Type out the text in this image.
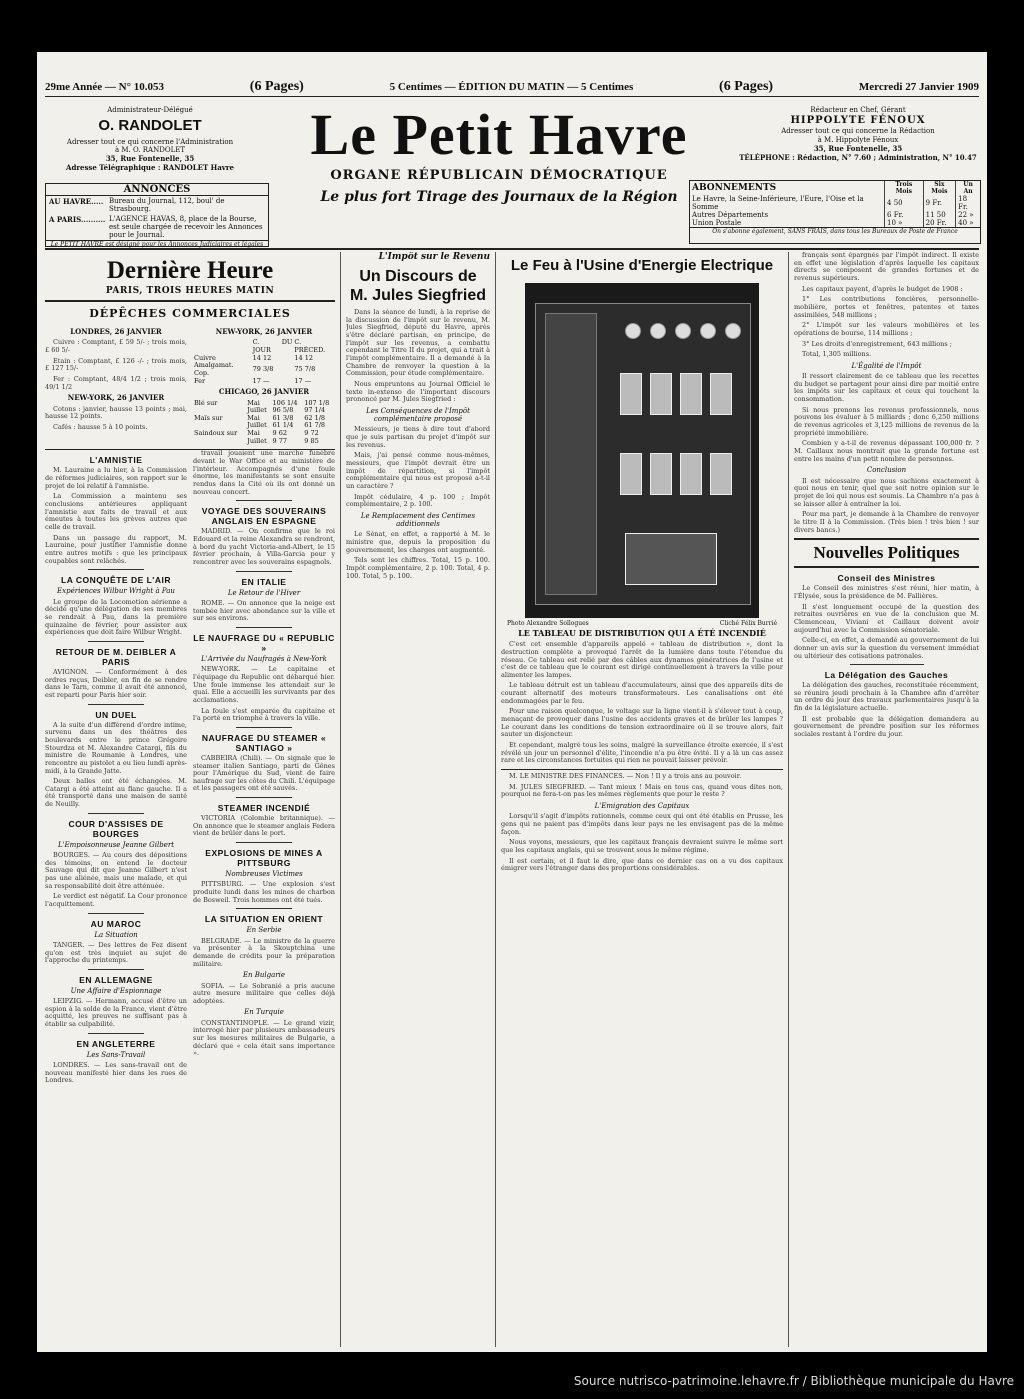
29me Année — N° 10.053	(6 Pages)	5 Centimes — ÉDITION DU MATIN — 5 Centimes	(6 Pages)	Mercredi 27 Janvier 1909
Administrateur-Délégué
O. RANDOLET
Adresser tout ce qui concerne l'Administration
à M. O. RANDOLET
35, Rue Fontenelle, 35
Adresse Télégraphique : RANDOLET Havre
ANNONCES
AU HAVRE..... Bureau du Journal, 112, boul' de Strasbourg.
A PARIS.......... L'AGENCE HAVAS, 8, place de la Bourse, est seule chargée de recevoir les Annonces pour le Journal.
Le PETIT HAVRE est désigné pour les Annonces Judiciaires et légales
Le Petit Havre
ORGANE RÉPUBLICAIN DÉMOCRATIQUE
Le plus fort Tirage des Journaux de la Région
Rédacteur en Chef, Gérant
HIPPOLYTE FÉNOUX
Adresser tout ce qui concerne la Rédaction
à M. Hippolyte Fénoux
35, Rue Fontenelle, 35
TÉLÉPHONE : Rédaction, N° 7.60 ; Administration, N° 10.47
ABONNEMENTS	Trois Mois	Six Mois	Un An
Le Havre, la Seine-Inférieure, l'Eure, l'Oise et la Somme	4 50	9 Fr.	18 Fr.
Autres Départements	6 Fr.	11 50	22 »
Union Postale	10 »	20 Fr.	40 »
On s'abonne également, SANS FRAIS, dans tous les Bureaux de Poste de France
Dernière Heure
PARIS, TROIS HEURES MATIN
DÉPÊCHES COMMERCIALES
LONDRES, 26 JANVIER

Cuivre : Comptant, £ 59 5/- ; trois mois, £ 60 5/-

Etain : Comptant, £ 126 -/- ; trois mois, £ 127 15/-

Fer : Comptant, 48/4 1/2 ; trois mois, 49/1 1/2

NEW-YORK, 26 JANVIER

Cotons : janvier, hausse 13 points ; mai, hausse 12 points.

Cafés : hausse 5 à 10 points.

NEW-YORK, 26 JANVIER
	C. DU JOUR	C. PRÉCED.
Cuivre	14 12	14 12
Amalgamat. Cop.	79 3/8	75 7/8
Fer	17 —	17 —
CHICAGO, 26 JANVIER
Blé sur	Mai	106 1/4	107 1/8
	Juillet	96 5/8	97 1/4
Maïs sur	Mai	61 3/8	62 1/8
	Juillet	61 1/4	61 7/8
Saindoux sur	Mai	9 62	9 72
	Juillet	9 77	9 85
L'AMNISTIE

M. Lauraine a lu hier, à la Commission de réformes judiciaires, son rapport sur le projet de loi relatif à l'amnistie.

La Commission a maintenu ses conclusions antérieures appliquant l'amnistie aux faits de travail et aux émeutes à toutes les grèves autres que celle de travail.

Dans un passage du rapport, M. Lauraine, pour justifier l'amnistie donne entre autres motifs : que les principaux coupables sont relâchés.

LA CONQUÊTE DE L'AIR
Expériences Wilbur Wright à Pau

Le groupe de la Locomotion aérienne a décidé qu'une délégation de ses membres se rendrait à Pau, dans la première quinzaine de février, pour assister aux expériences que doit faire Wilbur Wright.

RETOUR DE M. DEIBLER A PARIS

AVIGNON. — Conformément à des ordres reçus, Deibler, en fin de se rendre dans le Tarn, comme il avait été annoncé, est reparti pour Paris hier soir.

UN DUEL

A la suite d'un différend d'ordre intime, survenu dans un des théâtres des boulevards entre le prince Grégoire Stourdza et M. Alexandre Catargi, fils du ministre de Roumanie à Londres, une rencontre au pistolet a eu lieu lundi après-midi, à la Grande Jatte.

Deux balles ont été échangées. M. Catargi a été atteint au flanc gauche. Il a été transporté dans une maison de santé de Neuilly.

COUR D'ASSISES DE BOURGES
L'Empoisonneuse Jeanne Gilbert

BOURGES. — Au cours des dépositions des témoins, on entend le docteur Sauvage qui dit que Jeanne Gilbert n'est pas une aliénée, mais une malade, et qui sa responsabilité doit être atténuée.

Le verdict est négatif. La Cour prononce l'acquittement.

AU MAROC
La Situation

TANGER. — Des lettres de Fez disent qu'on est très inquiet au sujet de l'approche du printemps.

EN ALLEMAGNE
Une Affaire d'Espionnage

LEIPZIG. — Hermann, accusé d'être un espion à la solde de la France, vient d'être acquitté, les preuves ne suffisant pas à établir sa culpabilité.

EN ANGLETERRE
Les Sans-Travail

LONDRES. — Les sans-travail ont de nouveau manifesté hier dans les rues de Londres.

travail jouaient une marche funèbre devant le War Office et au ministère de l'intérieur. Accompagnés d'une foule énorme, les manifestants se sont ensuite rendus dans la Cité où ils ont donné un nouveau concert.

VOYAGE DES SOUVERAINS ANGLAIS EN ESPAGNE

MADRID. — On confirme que le roi Edouard et la reine Alexandra se rendront, à bord du yacht Victoria-and-Albert, le 15 février prochain, à Villa-Garcia pour y rencontrer avec les souverains espagnols.

EN ITALIE
Le Retour de l'Hiver

ROME. — On annonce que la neige est tombée hier avec abondance sur la ville et sur ses environs.

LE NAUFRAGE DU « REPUBLIC »
L'Arrivée du Naufragés à New-York

NEW-YORK. — Le capitaine et l'équipage du Republic ont débarqué hier. Une foule immense les attendait sur le quai. Elle a accueilli les survivants par des acclamations.

La foule s'est emparée du capitaine et l'a porté en triomphe à travers la ville.

NAUFRAGE DU STEAMER « SANTIAGO »

CABBEIRA (Chili). — On signale que le steamer italien Santiago, parti de Gênes pour l'Amérique du Sud, vient de faire naufrage sur les côtes du Chili. L'équipage et les passagers ont été sauvés.

STEAMER INCENDIÉ

VICTORIA (Colombie britannique). — On annonce que le steamer anglais Federa vient de brûler dans le port.

EXPLOSIONS DE MINES A PITTSBURG
Nombreuses Victimes

PITTSBURG. — Une explosion s'est produite lundi dans les mines de charbon de Bosweil. Trois hommes ont été tués.

LA SITUATION EN ORIENT
En Serbie

BELGRADE. — Le ministre de la guerre va présenter à la Skouptchina une demande de crédits pour la préparation militaire.

En Bulgarie

SOFIA. — Le Sobranié a pris aucune autre mesure militaire que celles déjà adoptées.

En Turquie

CONSTANTINOPLE. — Le grand vizir, interrogé hier par plusieurs ambassadeurs sur les mesures militaires de Bulgarie, a déclaré que « cela était sans importance ».

L'Impôt sur le Revenu
Un Discours de
M. Jules Siegfried

Dans la séance de lundi, à la reprise de la discussion de l'impôt sur le revenu, M. Jules Siegfried, député du Havre, après s'être déclaré partisan, en principe, de l'impôt sur les revenus, a combattu cependant le Titre II du projet, qui a trait à l'impôt complémentaire. Il a demandé à la Chambre de renvoyer la question à la Commission, pour étude complémentaire.

Nous empruntons au Journal Officiel le texte in-extenso de l'important discours prononcé par M. Jules Siegfried :

Les Conséquences de l'Impôt complémentaire proposé

Messieurs, je tiens à dire tout d'abord que je suis partisan du projet d'impôt sur les revenus.

Mais, j'ai pensé comme nous-mêmes, messieurs, que l'impôt devrait être un impôt de répartition, si l'impôt complémentaire qui nous est proposé a-t-il un caractère ?

Impôt cédulaire, 4 p. 100 ; Impôt complémentaire, 2 p. 100.

Le Remplacement des Centimes additionnels

Le Sénat, en effet, a rapporté à M. le ministre que, depuis la proposition du gouvernement, les charges ont augmenté.

Tels sont les chiffres. Total, 15 p. 100. Impôt complémentaire, 2 p. 100. Total, 4 p. 100. Total, 5 p. 100.

Le Feu à l'Usine d'Energie Electrique
Photo Alexandre Sollogues	Cliché Félix Burrié
LE TABLEAU DE DISTRIBUTION QUI A ÉTÉ INCENDIÉ

C'est cet ensemble d'appareils appelé « tableau de distribution », dont la destruction complète a provoqué l'arrêt de la lumière dans toute l'étendue du réseau. Ce tableau est relié par des câbles aux dynamos génératrices de l'usine et c'est de ce tableau que le courant est dirigé continuellement à travers la ville pour alimenter les lampes.

Le tableau détruit est un tableau d'accumulateurs, ainsi que des appareils dits de courant alternatif des moteurs transformateurs. Les canalisations ont été endommagées par le feu.

Pour une raison quelconque, le voltage sur la ligne vient-il à s'élever tout à coup, menaçant de provoquer dans l'usine des accidents graves et de brûler les lampes ? Le courant dans les conditions de tension extraordinaire où il se trouve alors, fait sauter un disjoncteur.

Et cependant, malgré tous les soins, malgré la surveillance étroite exercée, il s'est révélé un jour un personnel d'élite, l'incendie n'a pu être évité. Il y a là un cas assez rare et les circonstances fortuites qui rien ne pouvait laisser prévoir.

M. LE MINISTRE DES FINANCES. — Non ! Il y a trois ans au pouvoir.

M. JULES SIEGFRIED. — Tant mieux ! Mais en tous cas, quand vous dites non, pourquoi ne fera-t-on pas les mêmes règlements que pour le reste ?

L'Emigration des Capitaux

Lorsqu'il s'agit d'impôts rationnels, comme ceux qui ont été établis en Prusse, les gens qui ne paient pas d'impôts dans leur pays ne les envisagent pas de la même façon.

Nous voyons, messieurs, que les capitaux français devraient suivre le même sort que les capitaux anglais, qui se trouvent sous le même régime.

Il est certain, et il faut le dire, que dans ce dernier cas on a vu des capitaux émigrer vers l'étranger dans des proportions considérables.

français sont épargnés par l'impôt indirect. Il existe en effet une législation d'après laquelle les capitaux directs se composent de grandes fortunes et de revenus supérieurs.

Les capitaux payent, d'après le budget de 1908 :

1° Les contributions foncières, personnelle-mobilière, portes et fenêtres, patentes et taxes assimilées, 548 millions ;

2° L'impôt sur les valeurs mobilières et les opérations de bourse, 114 millions ;

3° Les droits d'enregistrement, 643 millions ;

Total, 1,305 millions.

L'Égalité de l'Impôt

Il ressort clairement de ce tableau que les recettes du budget se partagent pour ainsi dire par moitié entre les impôts sur les capitaux et ceux qui touchent la consommation.

Si nous prenons les revenus professionnels, nous pouvons les évaluer à 5 milliards ; donc 6,250 millions de revenus agricoles et 3,125 millions de revenus de la propriété immobilière.

Combien y a-t-il de revenus dépassant 100,000 fr. ? M. Caillaux nous montrait que la grande fortune est entre les mains d'un petit nombre de personnes.

Conclusion

Il est nécessaire que nous sachions exactement à quoi nous en tenir, quel que soit notre opinion sur le projet de loi qui nous est soumis. La Chambre n'a pas à se laisser aller à entraîner la loi.

Pour ma part, je demande à la Chambre de renvoyer le titre II à la Commission. (Très bien ! très bien ! sur divers bancs.)

Nouvelles Politiques
Conseil des Ministres

Le Conseil des ministres s'est réuni, hier matin, à l'Élysée, sous la présidence de M. Fallières.

Il s'est longuement occupé de la question des retraites ouvrières en vue de la conclusion que M. Clemenceau, Viviani et Caillaux doivent avoir aujourd'hui avec la Commission sénatoriale.

Celle-ci, en effet, a demandé au gouvernement de lui donner un avis sur la question du versement immédiat ou ultérieur des cotisations patronales.

La Délégation des Gauches

La délégation des gauches, reconstituée récemment, se réunira jeudi prochain à la Chambre afin d'arrêter un ordre du jour des travaux parlementaires jusqu'à la fin de la législature actuelle.

Il est probable que la délégation demandera au gouvernement de prendre position sur les réformes sociales restant à l'ordre du jour.

Source nutrisco-patrimoine.lehavre.fr / Bibliothèque municipale du Havre
